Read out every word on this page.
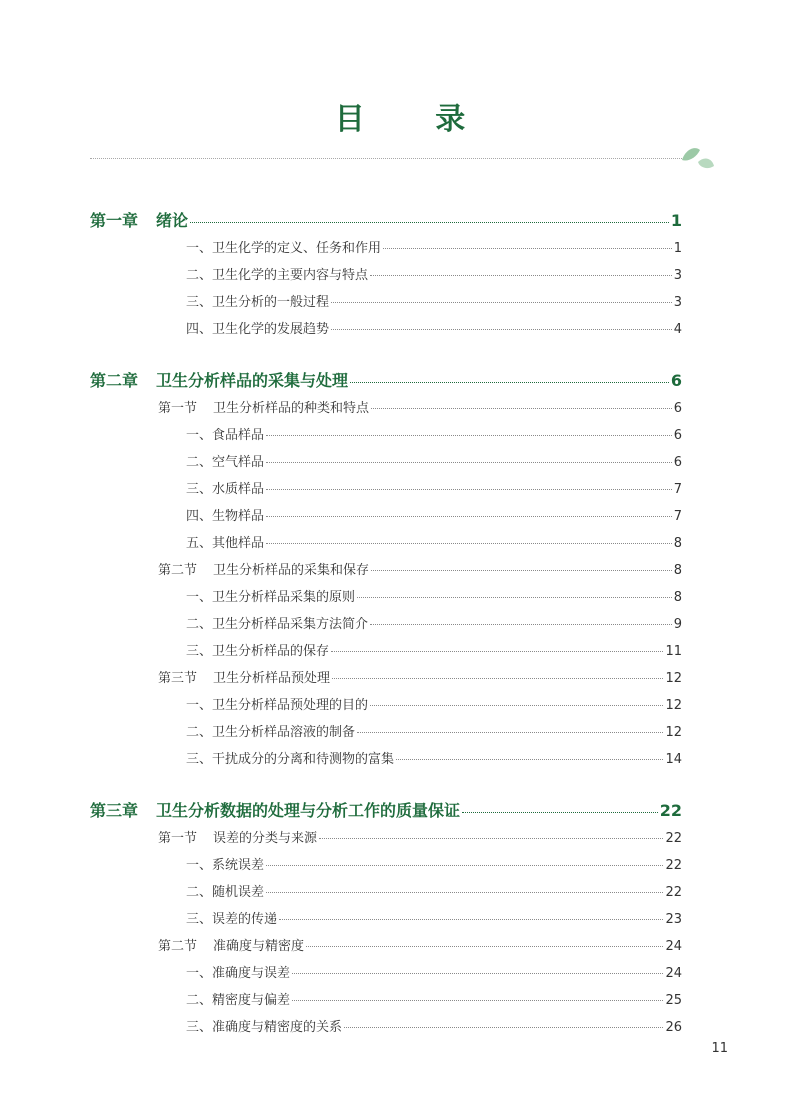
目 录
第一章 绪论	1
一、卫生化学的定义、任务和作用	1
二、卫生化学的主要内容与特点	3
三、卫生分析的一般过程	3
四、卫生化学的发展趋势	4
第二章 卫生分析样品的采集与处理	6
第一节 卫生分析样品的种类和特点	6
一、食品样品	6
二、空气样品	6
三、水质样品	7
四、生物样品	7
五、其他样品	8
第二节 卫生分析样品的采集和保存	8
一、卫生分析样品采集的原则	8
二、卫生分析样品采集方法简介	9
三、卫生分析样品的保存	11
第三节 卫生分析样品预处理	12
一、卫生分析样品预处理的目的	12
二、卫生分析样品溶液的制备	12
三、干扰成分的分离和待测物的富集	14
第三章 卫生分析数据的处理与分析工作的质量保证	22
第一节 误差的分类与来源	22
一、系统误差	22
二、随机误差	22
三、误差的传递	23
第二节 准确度与精密度	24
一、准确度与误差	24
二、精密度与偏差	25
三、准确度与精密度的关系	26
11
